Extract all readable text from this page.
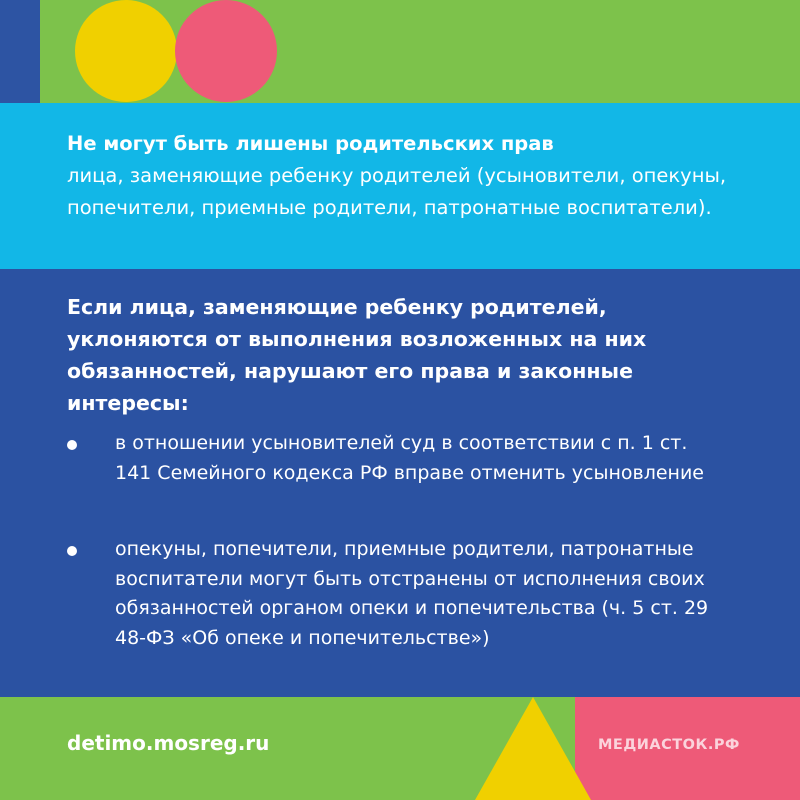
Не могут быть лишены родительских прав
лица, заменяющие ребенку родителей (усыновители, опекуны, попечители, приемные родители, патронатные воспитатели).
Если лица, заменяющие ребенку родителей, уклоняются от выполнения возложенных на них обязанностей, нарушают его права и законные интересы:
в отношении усыновителей суд в соответствии с п. 1 ст. 141 Семейного кодекса РФ вправе отменить усыновление
опекуны, попечители, приемные родители, патронатные воспитатели могут быть отстранены от исполнения своих обязанностей органом опеки и попечительства (ч. 5 ст. 29 48-ФЗ «Об опеке и попечительстве»)
detimo.mosreg.ru	МЕДИАСТОК.РФ
